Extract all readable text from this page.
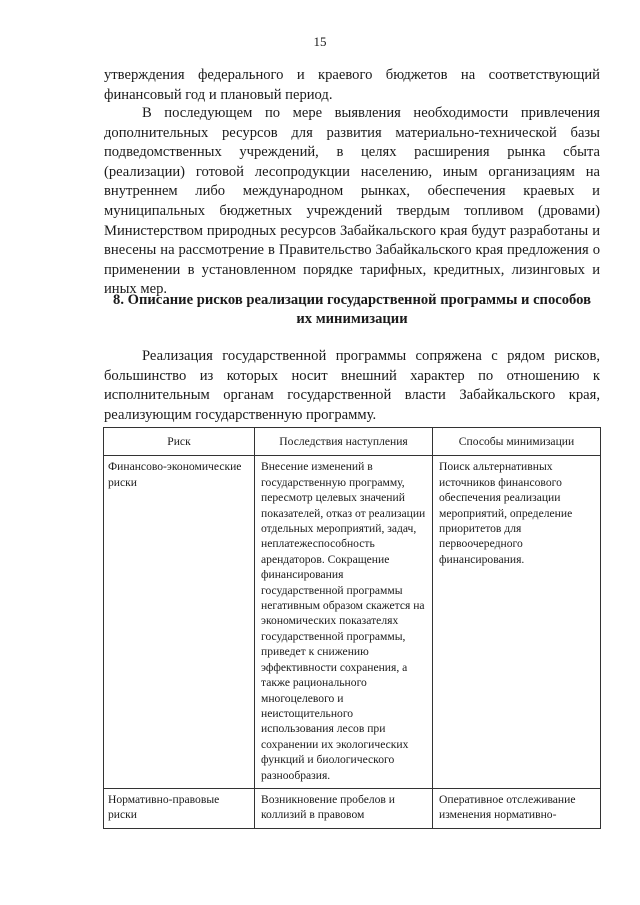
15

утверждения федерального и краевого бюджетов на соответствующий финансовый год и плановый период.

В последующем по мере выявления необходимости привлечения дополнительных ресурсов для развития материально-технической базы подведомственных учреждений, в целях расширения рынка сбыта (реализации) готовой лесопродукции населению, иным организациям на внутреннем либо международном рынках, обеспечения краевых и муниципальных бюджетных учреждений твердым топливом (дровами) Министерством природных ресурсов Забайкальского края будут разработаны и внесены на рассмотрение в Правительство Забайкальского края предложения о применении в установленном порядке тарифных, кредитных, лизинговых и иных мер.

8. Описание рисков реализации государственной программы и способов
их минимизации

Реализация государственной программы сопряжена с рядом рисков, большинство из которых носит внешний характер по отношению к исполнительным органам государственной власти Забайкальского края, реализующим государственную программу.

Риск	Последствия наступления	Способы минимизации
Финансово-экономические риски	Внесение изменений в государственную программу, пересмотр целевых значений показателей, отказ от реализации отдельных мероприятий, задач, неплатежеспособность арендаторов. Сокращение финансирования государственной программы негативным образом скажется на экономических показателях государственной программы, приведет к снижению эффективности сохранения, а также рационального многоцелевого и неистощительного использования лесов при сохранении их экологических функций и биологического разнообразия.	Поиск альтернативных источников финансового обеспечения реализации мероприятий, определение приоритетов для первоочередного финансирования.
Нормативно-правовые риски	Возникновение пробелов и коллизий в правовом	Оперативное отслеживание изменения нормативно-
